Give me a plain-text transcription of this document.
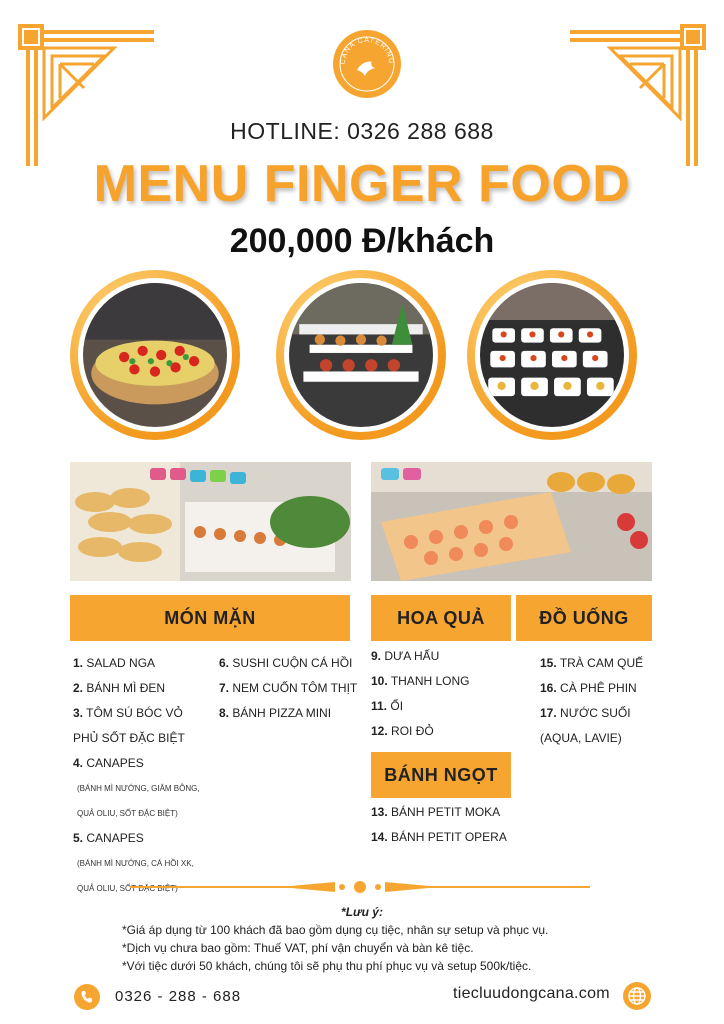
CANA CATERING
HOTLINE: 0326 288 688
MENU FINGER FOOD
200,000 Đ/khách
MÓN MẶN	HOA QUẢ	ĐỒ UỐNG
BÁNH NGỌT
1. SALAD NGA
2. BÁNH MÌ ĐEN
3. TÔM SÚ BÓC VỎ
PHỦ SỐT ĐẶC BIỆT
4. CANAPES
(BÁNH MÌ NƯỚNG, GIĂM BÔNG,
QUẢ OLIU, SỐT ĐẶC BIỆT)
5. CANAPES
(BÁNH MÌ NƯỚNG, CÁ HỒI XK,
QUẢ OLIU, SỐT ĐẶC BIỆT)
6. SUSHI CUỘN CÁ HỒI
7. NEM CUỐN TÔM THỊT
8. BÁNH PIZZA MINI
9. DƯA HẤU
10. THANH LONG
11. ỔI
12. ROI ĐỎ
15. TRÀ CAM QUẾ
16. CÀ PHÊ PHIN
17. NƯỚC SUỐI
(AQUA, LAVIE)
13. BÁNH PETIT MOKA
14. BÁNH PETIT OPERA
*Lưu ý:

*Giá áp dụng từ 100 khách đã bao gồm dụng cụ tiệc, nhân sự setup và phục vụ.

*Dịch vụ chưa bao gồm: Thuế VAT, phí vận chuyển và bàn kê tiệc.

*Với tiệc dưới 50 khách, chúng tôi sẽ phụ thu phí phục vụ và setup 500k/tiệc.

0326 - 288 - 688	tiecluudongcana.com
